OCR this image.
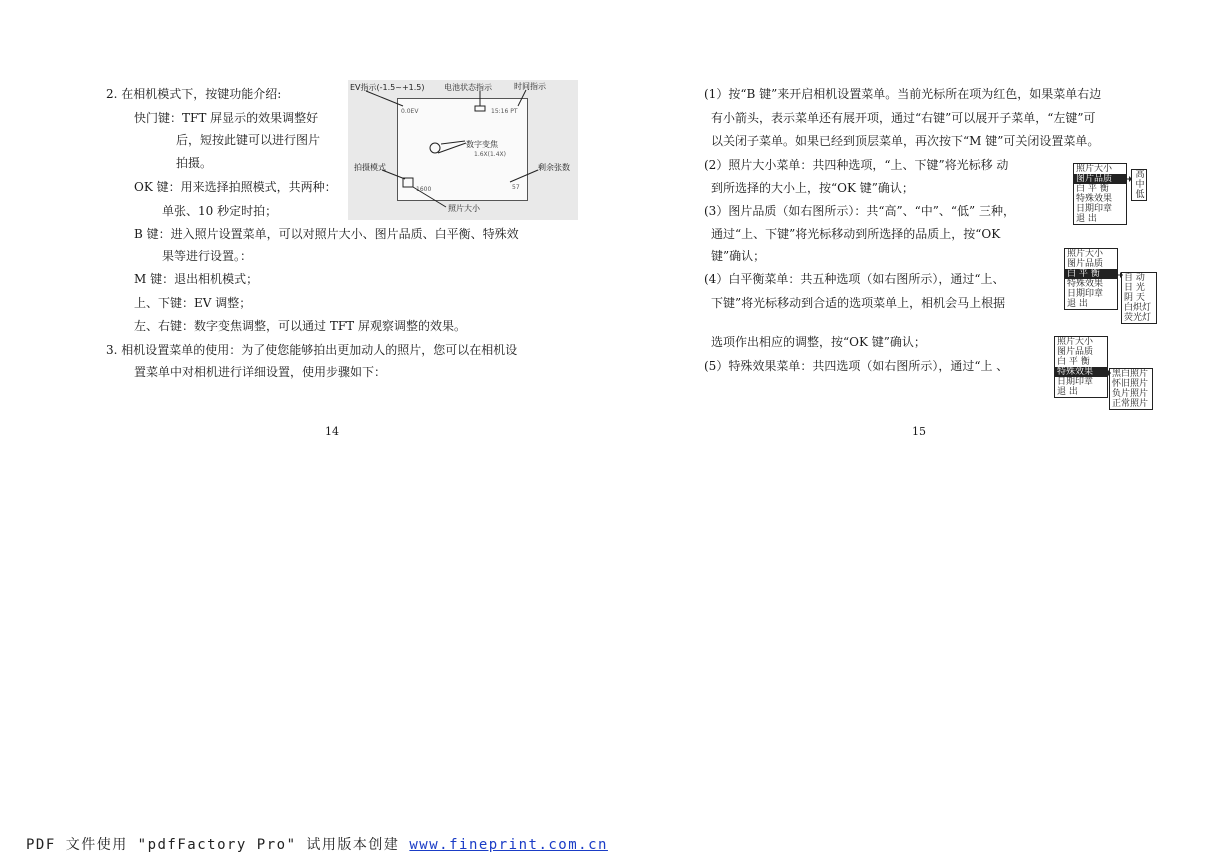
2. 在相机模式下，按键功能介绍:
快门键：TFT 屏显示的效果调整好
后，短按此键可以进行图片
拍摄。
OK 键：用来选择拍照模式，共两种：
单张、10 秒定时拍；
B 键：进入照片设置菜单，可以对照片大小、图片品质、白平衡、特殊效
果等进行设置。：
M 键：退出相机模式；
上、下键：EV 调整；
左、右键：数字变焦调整，可以通过 TFT 屏观察调整的效果。
3. 相机设置菜单的使用：为了使您能够拍出更加动人的照片，您可以在相机设
置菜单中对相机进行详细设置，使用步骤如下：
14
EV指示(-1.5~+1.5) 电池状态指示	时间指示
数字变焦
拍摄模式	剩余张数
照片大小
0.0EV	15:16 PT
1.6X(1.4X)
1600	57
(1）按“B 键”来开启相机设置菜单。当前光标所在项为红色，如果菜单右边
有小箭头，表示菜单还有展开项，通过“右键”可以展开子菜单，“左键”可
以关闭子菜单。如果已经到顶层菜单，再次按下“M 键”可关闭设置菜单。
(2）照片大小菜单：共四种选项，“上、下键”将光标移 动
到所选择的大小上，按“OK 键”确认；
(3）图片品质（如右图所示）：共“高”、“中”、“低” 三种，
通过“上、下键”将光标移动到所选择的品质上，按“OK
键”确认；
(4）白平衡菜单：共五种选项（如右图所示），通过“上、
下键”将光标移动到合适的选项菜单上，相机会马上根据
选项作出相应的调整，按“OK 键”确认；
(5）特殊效果菜单：共四选项（如右图所示），通过“上 、
15
照片大小
图片品质
白 平 衡
特殊效果
日期印章
退 出
高
中
低
照片大小
图片品质
白 平 衡
特殊效果
日期印章
退 出
自 动
日 光
阴 天
白炽灯
荧光灯
照片大小
图片品质
白 平 衡
特殊效果
日期印章
退 出
黑白照片
怀旧照片
负片照片
正常照片
PDF 文件使用 "pdfFactory Pro" 试用版本创建 www.fineprint.com.cn
